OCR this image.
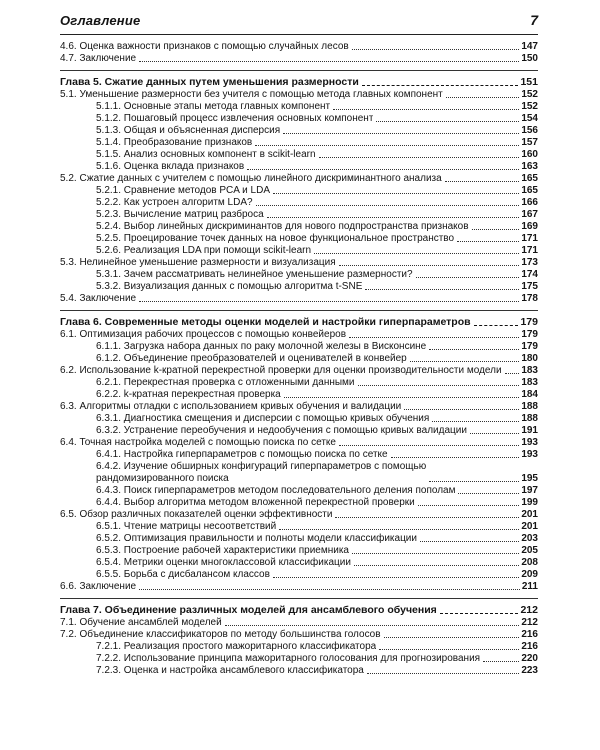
Оглавление	7
4.6. Оценка важности признаков с помощью случайных лесов	147
4.7. Заключение	150
Глава 5. Сжатие данных путем уменьшения размерности	151
5.1. Уменьшение размерности без учителя с помощью метода главных компонент	152
5.1.1. Основные этапы метода главных компонент	152
5.1.2. Пошаговый процесс извлечения основных компонент	154
5.1.3. Общая и объясненная дисперсия	156
5.1.4. Преобразование признаков	157
5.1.5. Анализ основных компонент в scikit-learn	160
5.1.6. Оценка вклада признаков	163
5.2. Сжатие данных с учителем с помощью линейного дискриминантного анализа	165
5.2.1. Сравнение методов PCA и LDA	165
5.2.2. Как устроен алгоритм LDA?	166
5.2.3. Вычисление матриц разброса	167
5.2.4. Выбор линейных дискриминантов для нового подпространства признаков	169
5.2.5. Проецирование точек данных на новое функциональное пространство	171
5.2.6. Реализация LDA при помощи scikit-learn	171
5.3. Нелинейное уменьшение размерности и визуализация	173
5.3.1. Зачем рассматривать нелинейное уменьшение размерности?	174
5.3.2. Визуализация данных с помощью алгоритма t-SNE	175
5.4. Заключение	178
Глава 6. Современные методы оценки моделей и настройки гиперпараметров	179
6.1. Оптимизация рабочих процессов с помощью конвейеров	179
6.1.1. Загрузка набора данных по раку молочной железы в Висконсине	179
6.1.2. Объединение преобразователей и оценивателей в конвейер	180
6.2. Использование k-кратной перекрестной проверки для оценки производительности модели 183
6.2.1. Перекрестная проверка с отложенными данными	183
6.2.2. k-кратная перекрестная проверка	184
6.3. Алгоритмы отладки с использованием кривых обучения и валидации	188
6.3.1. Диагностика смещения и дисперсии с помощью кривых обучения	188
6.3.2. Устранение переобучения и недообучения с помощью кривых валидации	191
6.4. Точная настройка моделей с помощью поиска по сетке	193
6.4.1. Настройка гиперпараметров с помощью поиска по сетке	193
6.4.2. Изучение обширных конфигураций гиперпараметров с помощью
рандомизированного поиска	195
6.4.3. Поиск гиперпараметров методом последовательного деления пополам	197
6.4.4. Выбор алгоритма методом вложенной перекрестной проверки	199
6.5. Обзор различных показателей оценки эффективности	201
6.5.1. Чтение матрицы несоответствий	201
6.5.2. Оптимизация правильности и полноты модели классификации	203
6.5.3. Построение рабочей характеристики приемника	205
6.5.4. Метрики оценки многоклассовой классификации	208
6.5.5. Борьба с дисбалансом классов	209
6.6. Заключение	211
Глава 7. Объединение различных моделей для ансамблевого обучения	212
7.1. Обучение ансамблей моделей	212
7.2. Объединение классификаторов по методу большинства голосов	216
7.2.1. Реализация простого мажоритарного классификатора	216
7.2.2. Использование принципа мажоритарного голосования для прогнозирования	220
7.2.3. Оценка и настройка ансамблевого классификатора	223
